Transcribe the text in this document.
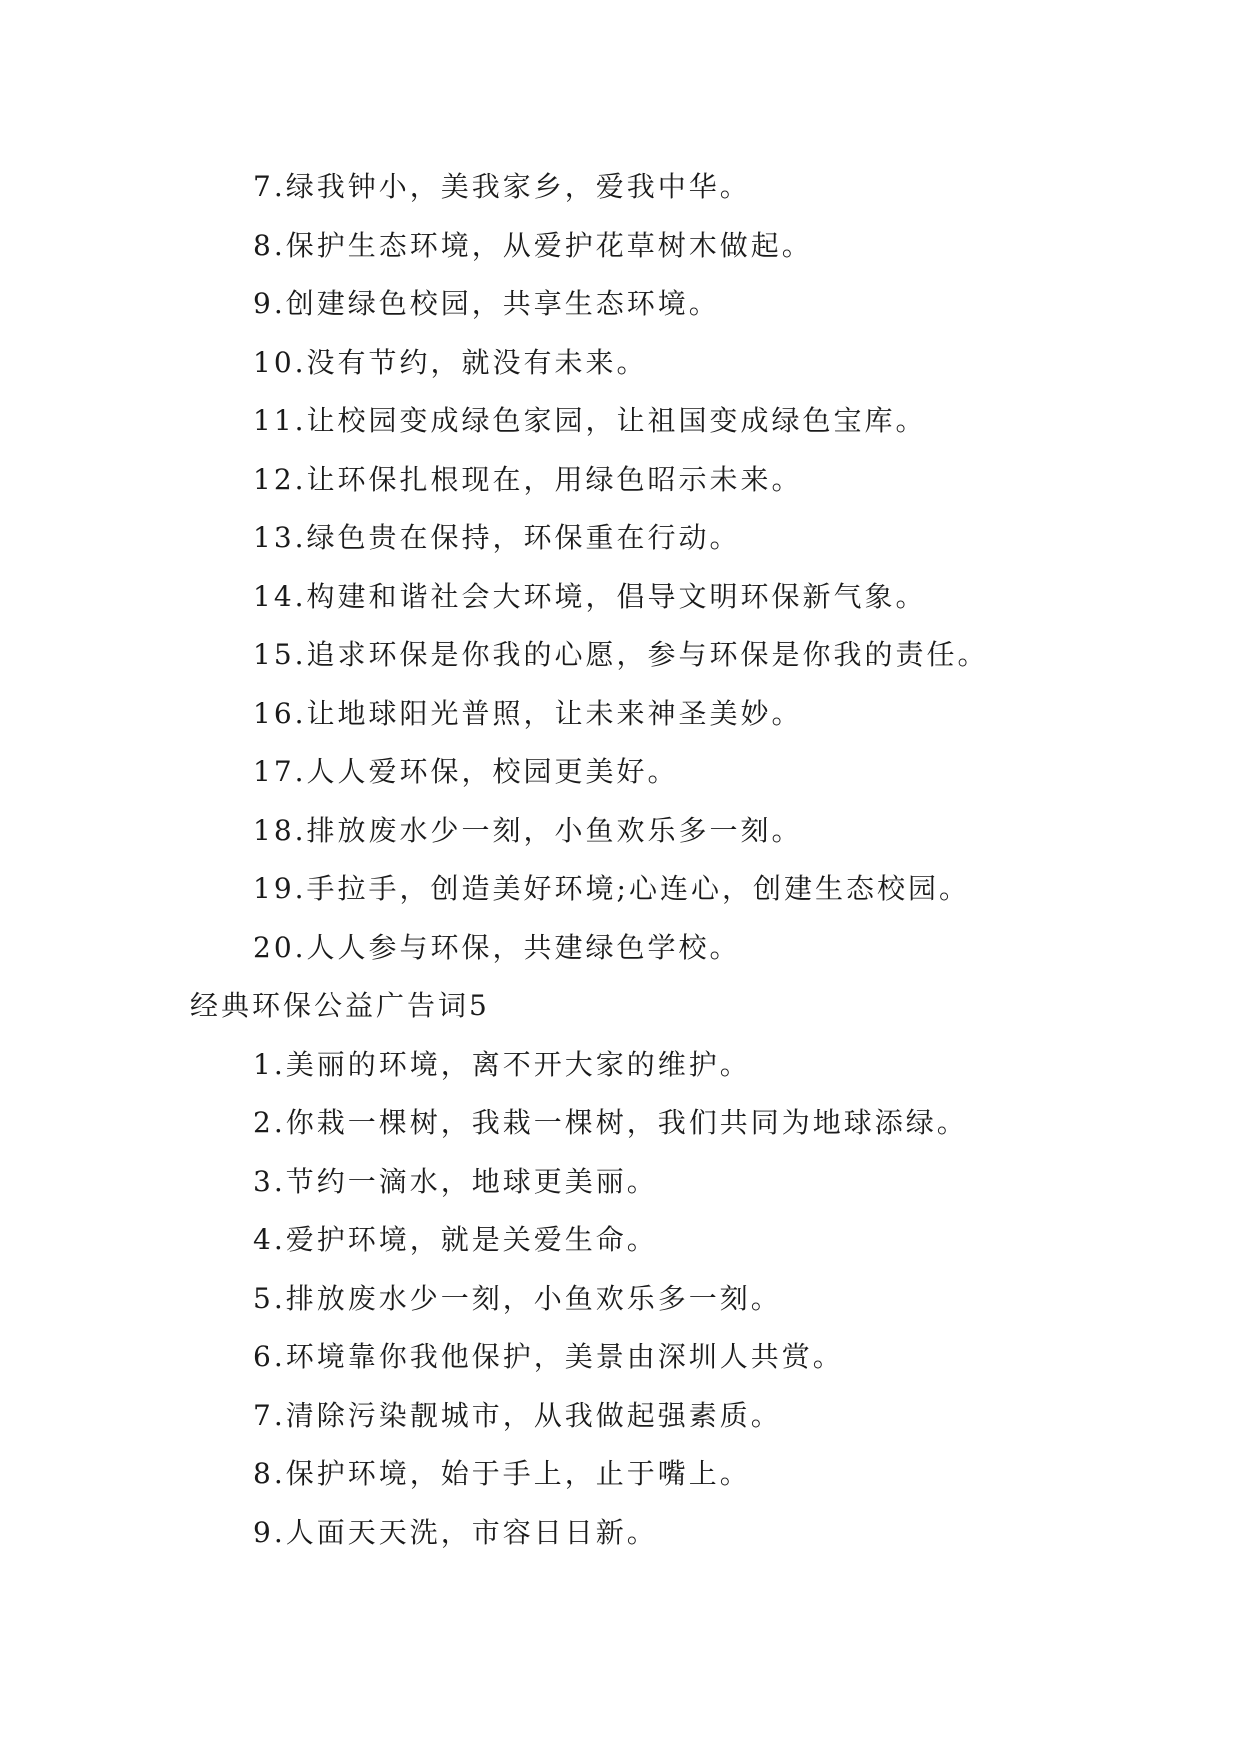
7.绿我钟小，美我家乡，爱我中华。
8.保护生态环境，从爱护花草树木做起。
9.创建绿色校园，共享生态环境。
10.没有节约，就没有未来。
11.让校园变成绿色家园，让祖国变成绿色宝库。
12.让环保扎根现在，用绿色昭示未来。
13.绿色贵在保持，环保重在行动。
14.构建和谐社会大环境，倡导文明环保新气象。
15.追求环保是你我的心愿，参与环保是你我的责任。
16.让地球阳光普照，让未来神圣美妙。
17.人人爱环保，校园更美好。
18.排放废水少一刻，小鱼欢乐多一刻。
19.手拉手，创造美好环境;心连心，创建生态校园。
20.人人参与环保，共建绿色学校。
经典环保公益广告词5
1.美丽的环境，离不开大家的维护。
2.你栽一棵树，我栽一棵树，我们共同为地球添绿。
3.节约一滴水，地球更美丽。
4.爱护环境，就是关爱生命。
5.排放废水少一刻，小鱼欢乐多一刻。
6.环境靠你我他保护，美景由深圳人共赏。
7.清除污染靓城市，从我做起强素质。
8.保护环境，始于手上，止于嘴上。
9.人面天天洗，市容日日新。
